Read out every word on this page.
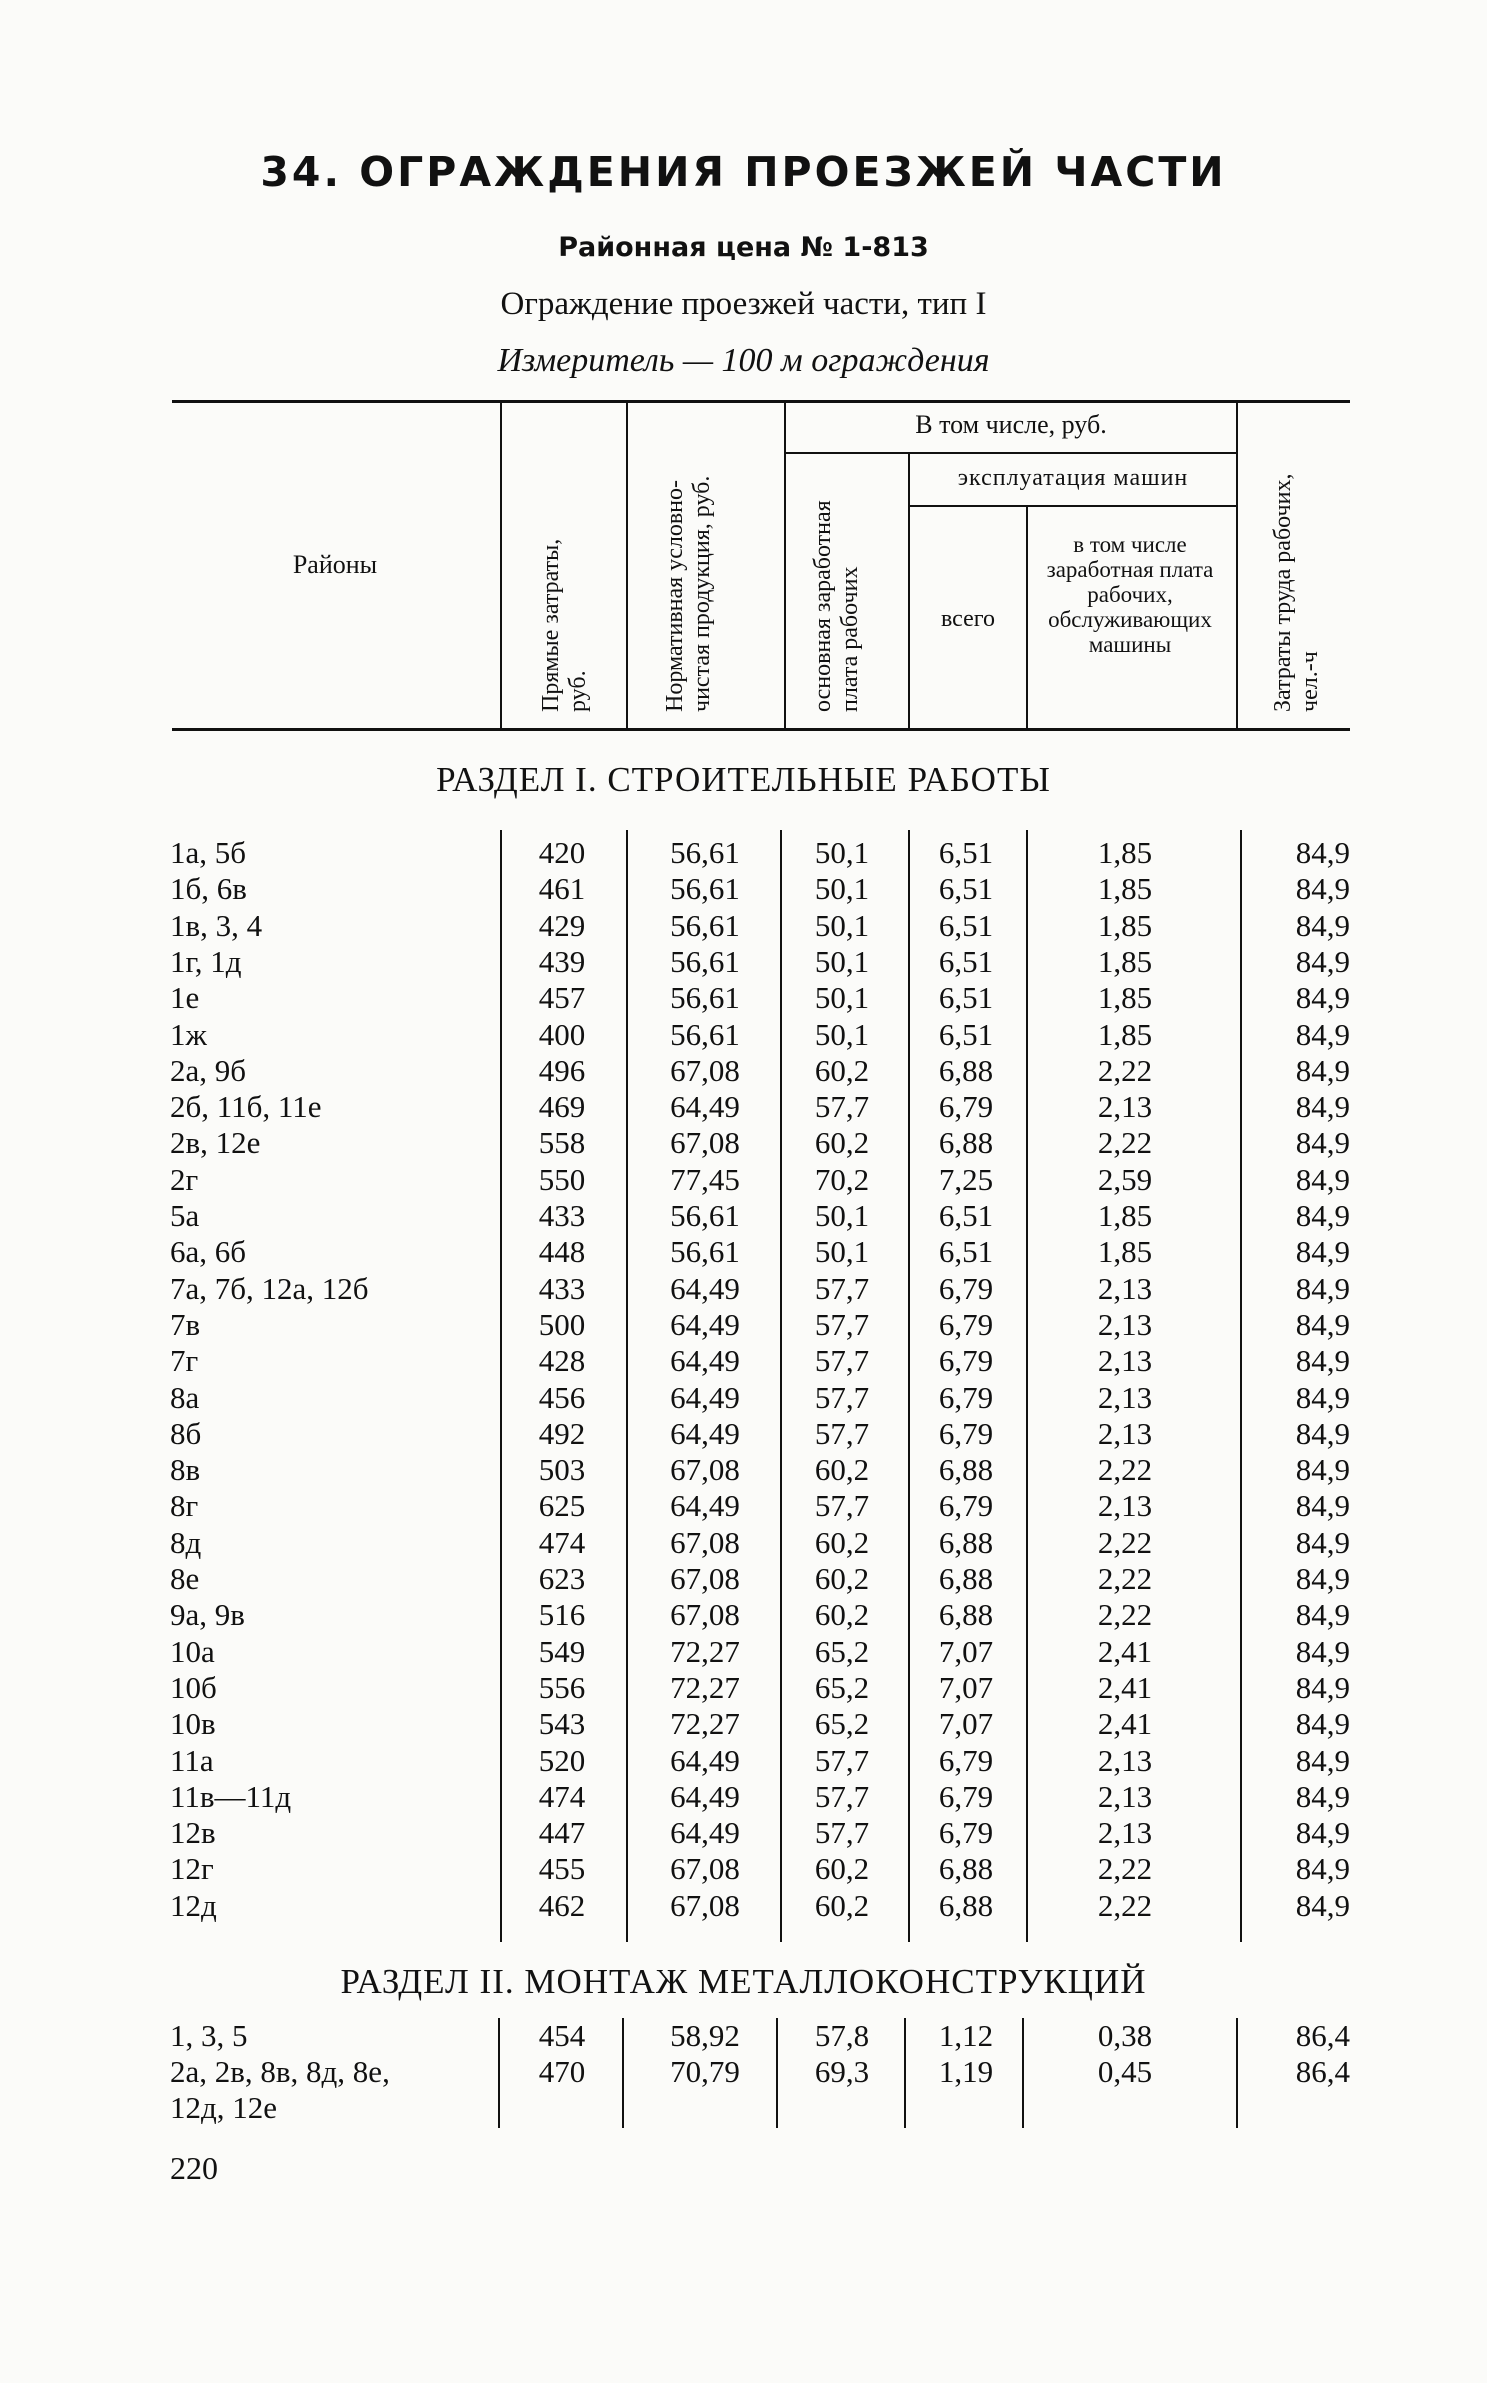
34. ОГРАЖДЕНИЯ ПРОЕЗЖЕЙ ЧАСТИ
Районная цена № 1-813
Ограждение проезжей части, тип I
Измеритель — 100 м ограждения
Районы	Прямые затраты, руб.	Нормативная условно-чистая продукция, руб.
В том числе, руб.
основная заработная плата рабочих
эксплуатация машин
всего
в том числе заработная плата рабочих, обслуживающих машины	Затраты труда рабочих, чел.-ч
РАЗДЕЛ I. СТРОИТЕЛЬНЫЕ РАБОТЫ
1а, 5б	420	56,61	50,1	6,51	1,85	84,9
1б, 6в	461	56,61	50,1	6,51	1,85	84,9
1в, 3, 4	429	56,61	50,1	6,51	1,85	84,9
1г, 1д	439	56,61	50,1	6,51	1,85	84,9
1е	457	56,61	50,1	6,51	1,85	84,9
1ж	400	56,61	50,1	6,51	1,85	84,9
2а, 9б	496	67,08	60,2	6,88	2,22	84,9
2б, 11б, 11е	469	64,49	57,7	6,79	2,13	84,9
2в, 12е	558	67,08	60,2	6,88	2,22	84,9
2г	550	77,45	70,2	7,25	2,59	84,9
5а	433	56,61	50,1	6,51	1,85	84,9
6а, 6б	448	56,61	50,1	6,51	1,85	84,9
7а, 7б, 12а, 12б	433	64,49	57,7	6,79	2,13	84,9
7в	500	64,49	57,7	6,79	2,13	84,9
7г	428	64,49	57,7	6,79	2,13	84,9
8а	456	64,49	57,7	6,79	2,13	84,9
8б	492	64,49	57,7	6,79	2,13	84,9
8в	503	67,08	60,2	6,88	2,22	84,9
8г	625	64,49	57,7	6,79	2,13	84,9
8д	474	67,08	60,2	6,88	2,22	84,9
8е	623	67,08	60,2	6,88	2,22	84,9
9а, 9в	516	67,08	60,2	6,88	2,22	84,9
10а	549	72,27	65,2	7,07	2,41	84,9
10б	556	72,27	65,2	7,07	2,41	84,9
10в	543	72,27	65,2	7,07	2,41	84,9
11а	520	64,49	57,7	6,79	2,13	84,9
11в—11д	474	64,49	57,7	6,79	2,13	84,9
12в	447	64,49	57,7	6,79	2,13	84,9
12г	455	67,08	60,2	6,88	2,22	84,9
12д	462	67,08	60,2	6,88	2,22	84,9
РАЗДЕЛ II. МОНТАЖ МЕТАЛЛОКОНСТРУКЦИЙ
1, 3, 5	454	58,92	57,8	1,12	0,38	86,4
2а, 2в, 8в, 8д, 8е,	470	70,79	69,3	1,19	0,45	86,4
12д, 12е
220
